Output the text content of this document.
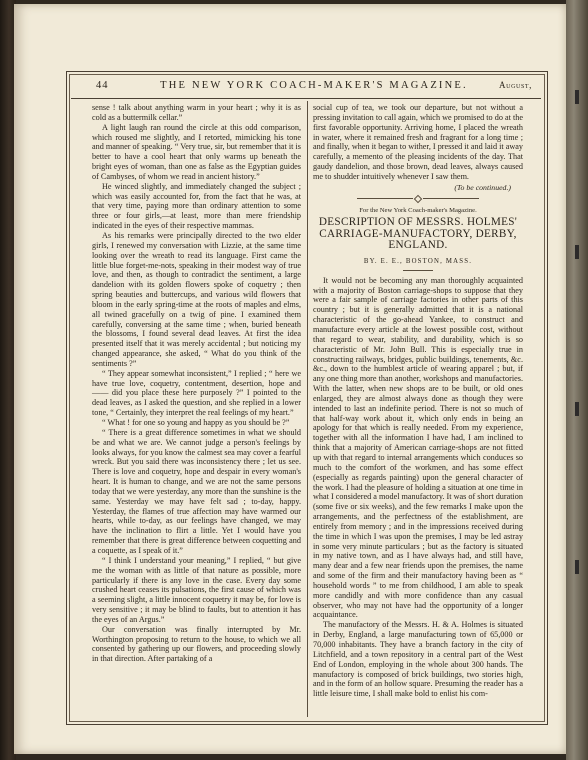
44	THE NEW YORK COACH-MAKER'S MAGAZINE.	August,

sense ! talk about anything warm in your heart ; why it is as cold as a buttermilk cellar.”

A light laugh ran round the circle at this odd comparison, which roused me slightly, and I retorted, mimicking his tone and manner of speaking. “ Very true, sir, but remember that it is better to have a cool heart that only warms up beneath the bright eyes of woman, than one as false as the Egyptian guides of Cambyses, of whom we read in ancient history.”

He winced slightly, and immediately changed the subject ; which was easily accounted for, from the fact that he was, at that very time, paying more than ordinary attention to some three or four girls,—at least, more than mere friendship indicated in the eyes of their respective mammas.

As his remarks were principally directed to the two elder girls, I renewed my conversation with Lizzie, at the same time looking over the wreath to read its language. First came the little blue forget-me-nots, speaking in their modest way of true love, and then, as though to contradict the sentiment, a large dandelion with its golden flowers spoke of coquetry ; then spring beauties and buttercups, and various wild flowers that bloom in the early spring-time at the roots of maples and elms, all twined gracefully on a twig of pine. I examined them carefully, conversing at the same time ; when, buried beneath the blossoms, I found several dead leaves. At first the idea presented itself that it was merely accidental ; but noticing my changed appearance, she asked, “ What do you think of the sentiments ?”

“ They appear somewhat inconsistent,” I replied ; “ here we have true love, coquetry, contentment, desertion, hope and —— did you place these here purposely ?” I pointed to the dead leaves, as I asked the question, and she replied in a lower tone, “ Certainly, they interpret the real feelings of my heart.”

“ What ! for one so young and happy as you should be ?”

“ There is a great difference sometimes in what we should be and what we are. We cannot judge a person's feelings by looks always, for you know the calmest sea may cover a fearful wreck. But you said there was inconsistency there ; let us see. There is love and coquetry, hope and despair in every woman's heart. It is human to change, and we are not the same persons today that we were yesterday, any more than the sunshine is the same. Yesterday we may have felt sad ; to-day, happy. Yesterday, the flames of true affection may have warmed our hearts, while to-day, as our feelings have changed, we may have the inclination to flirt a little. Yet I would have you remember that there is great difference between coquetting and a coquette, as I speak of it.”

“ I think I understand your meaning,” I replied, “ but give me the woman with as little of that nature as possible, more particularly if there is any love in the case. Every day some crushed heart ceases its pulsations, the first cause of which was a seeming slight, a little innocent coquetry it may be, for love is very sensitive ; it may be blind to faults, but to attention it has the eyes of an Argus.”

Our conversation was finally interrupted by Mr. Worthington proposing to return to the house, to which we all consented by gathering up our flowers, and proceeding slowly in that direction. After partaking of a

social cup of tea, we took our departure, but not without a pressing invitation to call again, which we promised to do at the first favorable opportunity. Arriving home, I placed the wreath in water, where it remained fresh and fragrant for a long time ; and finally, when it began to wither, I pressed it and laid it away carefully, a memento of the pleasing incidents of the day. That gaudy dandelion, and those brown, dead leaves, always caused me to shudder intuitively whenever I saw them.

(To be continued.)
For the New York Coach-maker's Magazine.
DESCRIPTION OF MESSRS. HOLMES' CARRIAGE-MANUFACTORY, DERBY, ENGLAND.
BY. E. E., BOSTON, MASS.

It would not be becoming any man thoroughly acquainted with a majority of Boston carriage-shops to suppose that they were a fair sample of carriage factories in other parts of this country ; but it is generally admitted that it is a national characteristic of the go-ahead Yankee, to construct and manufacture every article at the lowest possible cost, without that regard to wear, stability, and durability, which is so characteristic of Mr. John Bull. This is especially true in constructing railways, bridges, public buildings, tenements, &c. &c., down to the humblest article of wearing apparel ; but, if any one thing more than another, workshops and manufactories. With the latter, when new shops are to be built, or old ones enlarged, they are almost always done as though they were intended to last an indefinite period. There is not so much of that half-way work about it, which only ends in being an apology for that which is really needed. From my experience, together with all the information I have had, I am inclined to think that a majority of American carriage-shops are not fitted up with that regard to internal arrangements which conduces so much to the comfort of the workmen, and has some effect (especially as regards painting) upon the general character of the work. I had the pleasure of holding a situation at one time in what I considered a model manufactory. It was of short duration (some five or six weeks), and the few remarks I make upon the arrangements, and the perfectness of the establishment, are entirely from memory ; and in the impressions received during the time in which I was upon the premises, I may be led astray in some very minute particulars ; but as the factory is situated in my native town, and as I have always had, and still have, many dear and a few near friends upon the premises, the name and some of the firm and their manufactory having been as “ household words ” to me from childhood, I am able to speak more candidly and with more confidence than any casual observer, who may not have had the opportunity of a longer acquaintance.

The manufactory of the Messrs. H. & A. Holmes is situated in Derby, England, a large manufacturing town of 65,000 or 70,000 inhabitants. They have a branch factory in the city of Litchfield, and a town repository in a central part of the West End of London, employing in the whole about 300 hands. The manufactory is composed of brick buildings, two stories high, and in the form of an hollow square. Presuming the reader has a little leisure time, I shall make bold to enlist his com-
